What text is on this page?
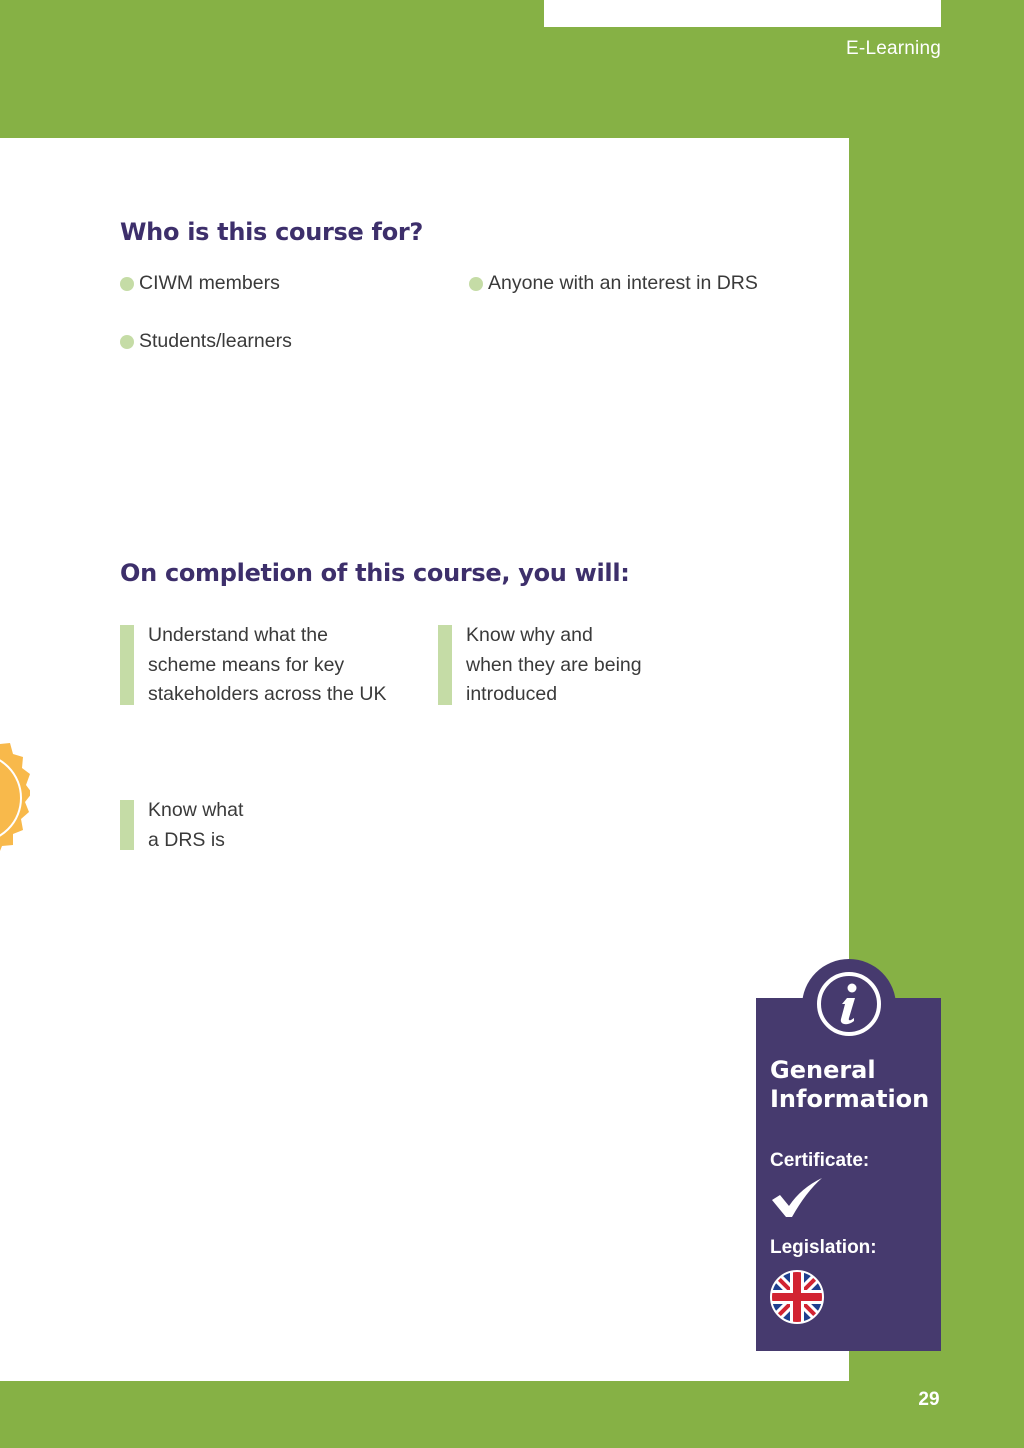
E-Learning
Who is this course for?
CIWM members	Anyone with an interest in DRS
Students/learners
On completion of this course, you will:
Understand what the
scheme means for key
stakeholders across the UK
Know why and
when they are being
introduced
Know what
a DRS is
General Information
Certificate:
Legislation:
29
